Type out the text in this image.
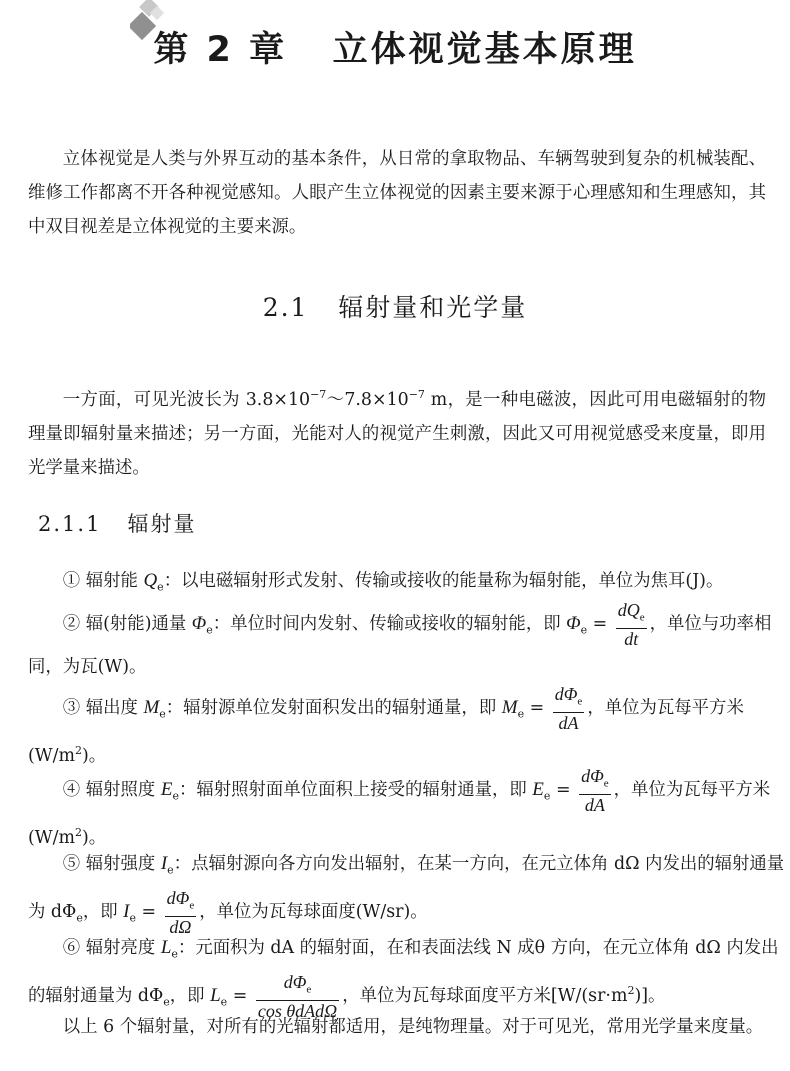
第 2 章 立体视觉基本原理

立体视觉是人类与外界互动的基本条件，从日常的拿取物品、车辆驾驶到复杂的机械装配、维修工作都离不开各种视觉感知。人眼产生立体视觉的因素主要来源于心理感知和生理感知，其中双目视差是立体视觉的主要来源。

2.1 辐射量和光学量

一方面，可见光波长为 $3.8\times 10^{-7}\sim 7.8\times 10^{-7}$ m，是一种电磁波，因此可用电磁辐射的物理量即辐射量来描述；另一方面，光能对人的视觉产生刺激，因此又可用视觉感受来度量，即用光学量来描述。

2.1.1 辐射量

① 辐射能 $Q_e$：以电磁辐射形式发射、传输或接收的能量称为辐射能，单位为焦耳(J)。

② 辐(射能)通量 $\Phi_e$：单位时间内发射、传输或接收的辐射能，即 $\Phi_e = \frac{dQ_e}{dt}$ ，单位与功率相同，为瓦(W)。

③ 辐出度 $M_e$：辐射源单位发射面积发出的辐射通量，即 $M_e = \frac{d\Phi_e}{dA}$ ，单位为瓦每平方米$(W/m^2)$。

④ 辐射照度 $E_e$：辐射照射面单位面积上接受的辐射通量，即 $E_e = \frac{d\Phi_e}{dA}$ ，单位为瓦每平方米$(W/m^2)$。

⑤ 辐射强度 $I_e$：点辐射源向各方向发出辐射，在某一方向，在元立体角 dΩ 内发出的辐射通量为 $d\Phi_e$，即 $I_e = \frac{d\Phi_e}{d\Omega}$ ，单位为瓦每球面度(W/sr)。

⑥ 辐射亮度 $L_e$：元面积为 dA 的辐射面，在和表面法线 N 成θ 方向，在元立体角 dΩ 内发出的辐射通量为 $d\Phi_e$，即 $L_e = \frac{d\Phi_e}{\text{cos θdAdΩ}}$ ，单位为瓦每球面度平方米$[W/(sr\cdot m^2)]$。

以上 6 个辐射量，对所有的光辐射都适用，是纯物理量。对于可见光，常用光学量来度量。
